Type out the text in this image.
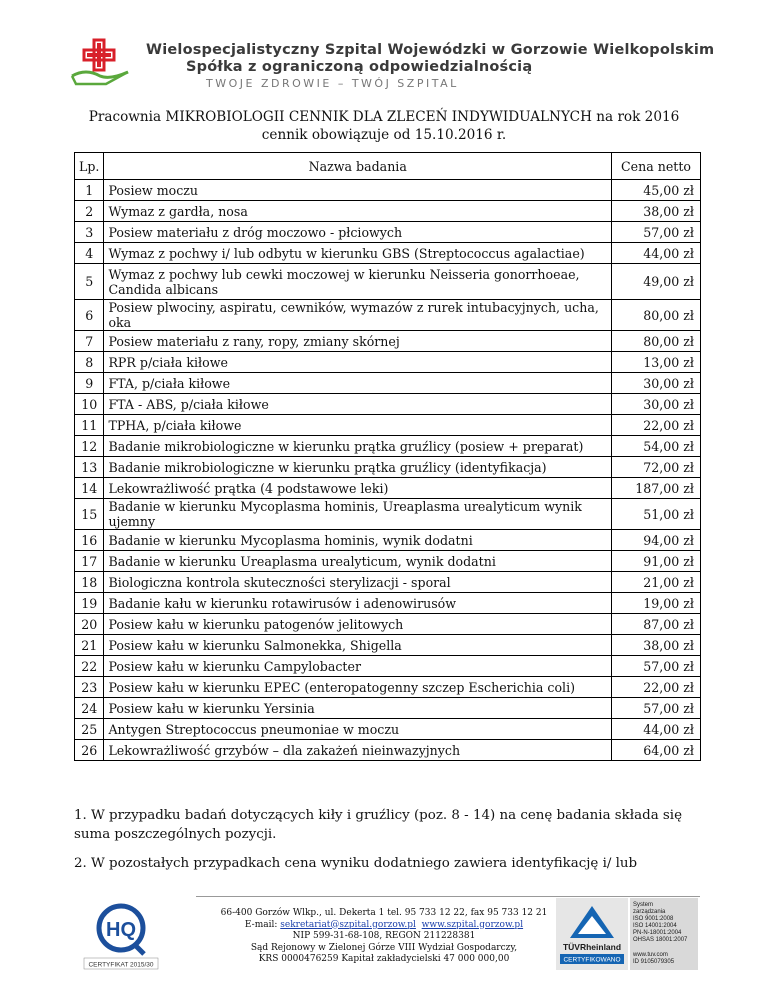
Wielospecjalistyczny Szpital Wojewódzki w Gorzowie Wielkopolskim
Spółka z ograniczoną odpowiedzialnością
TWOJE ZDROWIE – TWÓJ SZPITAL
Pracownia MIKROBIOLOGII CENNIK DLA ZLECEŃ INDYWIDUALNYCH na rok 2016
cennik obowiązuje od 15.10.2016 r.
Lp.	Nazwa badania	Cena netto
1	Posiew moczu	45,00 zł
2	Wymaz z gardła, nosa	38,00 zł
3	Posiew materiału z dróg moczowo - płciowych	57,00 zł
4	Wymaz z pochwy i/ lub odbytu w kierunku GBS (Streptococcus agalactiae)	44,00 zł
5	Wymaz z pochwy lub cewki moczowej w kierunku Neisseria gonorrhoeae, Candida albicans	49,00 zł
6	Posiew plwociny, aspiratu, cewników, wymazów z rurek intubacyjnych, ucha, oka	80,00 zł
7	Posiew materiału z rany, ropy, zmiany skórnej	80,00 zł
8	RPR p/ciała kiłowe	13,00 zł
9	FTA, p/ciała kiłowe	30,00 zł
10	FTA - ABS, p/ciała kiłowe	30,00 zł
11	TPHA, p/ciała kiłowe	22,00 zł
12	Badanie mikrobiologiczne w kierunku prątka gruźlicy (posiew + preparat)	54,00 zł
13	Badanie mikrobiologiczne w kierunku prątka gruźlicy (identyfikacja)	72,00 zł
14	Lekowrażliwość prątka (4 podstawowe leki)	187,00 zł
15	Badanie w kierunku Mycoplasma hominis, Ureaplasma urealyticum wynik ujemny	51,00 zł
16	Badanie w kierunku Mycoplasma hominis, wynik dodatni	94,00 zł
17	Badanie w kierunku Ureaplasma urealyticum, wynik dodatni	91,00 zł
18	Biologiczna kontrola skuteczności sterylizacji - sporal	21,00 zł
19	Badanie kału w kierunku rotawirusów i adenowirusów	19,00 zł
20	Posiew kału w kierunku patogenów jelitowych	87,00 zł
21	Posiew kału w kierunku Salmonekka, Shigella	38,00 zł
22	Posiew kału w kierunku Campylobacter	57,00 zł
23	Posiew kału w kierunku EPEC (enteropatogenny szczep Escherichia coli)	22,00 zł
24	Posiew kału w kierunku Yersinia	57,00 zł
25	Antygen Streptococcus pneumoniae w moczu	44,00 zł
26	Lekowrażliwość grzybów – dla zakażeń nieinwazyjnych	64,00 zł

1. W przypadku badań dotyczących kiły i gruźlicy (poz. 8 - 14) na cenę badania składa się suma poszczególnych pozycji.

2. W pozostałych przypadkach cena wyniku dodatniego zawiera identyfikację i/ lub

HQ
CERTYFIKAT 2015/30
66-400 Gorzów Wlkp., ul. Dekerta 1 tel. 95 733 12 22, fax 95 733 12 21
E-mail: sekretariat@szpital.gorzow.pl www.szpital.gorzow.pl
NIP 599-31-68-108, REGON 211228381
Sąd Rejonowy w Zielonej Górze VIII Wydział Gospodarczy,
KRS 0000476259 Kapitał zakładycielski 47 000 000,00
TÜVRheinland
CERTYFIKOWANO
System
zarządzania
ISO 9001:2008
ISO 14001:2004
PN-N-18001:2004
OHSAS 18001:2007
www.tuv.com
ID 9105079305
